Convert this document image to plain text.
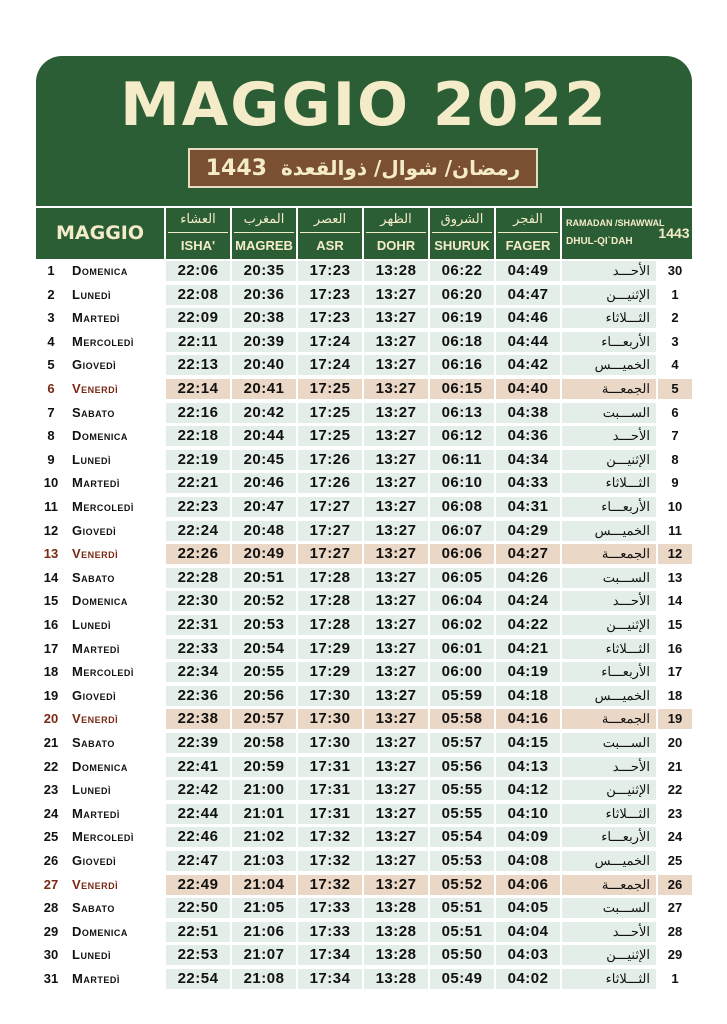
MAGGIO 2022
1443 رمضان/ شوال/ ذوالقعدة
MAGGIO
العشاء
ISHA'
المغرب
MAGREB
العصر
ASR
الظهر
DOHR
الشروق
SHURUK
الفجر
FAGER
RAMADAN /SHAWWAL
DHUL-QI`DAH
1443
1	Domenica	22:06	20:35	17:23	13:28	06:22	04:49	الأحـــد	30
2	Lunedì	22:08	20:36	17:23	13:27	06:20	04:47	الإثنيـــن	1
3	Martedì	22:09	20:38	17:23	13:27	06:19	04:46	الثـــلاثاء	2
4	Mercoledì	22:11	20:39	17:24	13:27	06:18	04:44	الأربعـــاء	3
5	Giovedì	22:13	20:40	17:24	13:27	06:16	04:42	الخميـــس	4
6	Venerdì	22:14	20:41	17:25	13:27	06:15	04:40	الجمعـــة	5
7	Sabato	22:16	20:42	17:25	13:27	06:13	04:38	الســـبت	6
8	Domenica	22:18	20:44	17:25	13:27	06:12	04:36	الأحـــد	7
9	Lunedì	22:19	20:45	17:26	13:27	06:11	04:34	الإثنيـــن	8
10	Martedì	22:21	20:46	17:26	13:27	06:10	04:33	الثـــلاثاء	9
11	Mercoledì	22:23	20:47	17:27	13:27	06:08	04:31	الأربعـــاء	10
12	Giovedì	22:24	20:48	17:27	13:27	06:07	04:29	الخميـــس	11
13	Venerdì	22:26	20:49	17:27	13:27	06:06	04:27	الجمعـــة	12
14	Sabato	22:28	20:51	17:28	13:27	06:05	04:26	الســـبت	13
15	Domenica	22:30	20:52	17:28	13:27	06:04	04:24	الأحـــد	14
16	Lunedì	22:31	20:53	17:28	13:27	06:02	04:22	الإثنيـــن	15
17	Martedì	22:33	20:54	17:29	13:27	06:01	04:21	الثـــلاثاء	16
18	Mercoledì	22:34	20:55	17:29	13:27	06:00	04:19	الأربعـــاء	17
19	Giovedì	22:36	20:56	17:30	13:27	05:59	04:18	الخميـــس	18
20	Venerdì	22:38	20:57	17:30	13:27	05:58	04:16	الجمعـــة	19
21	Sabato	22:39	20:58	17:30	13:27	05:57	04:15	الســـبت	20
22	Domenica	22:41	20:59	17:31	13:27	05:56	04:13	الأحـــد	21
23	Lunedì	22:42	21:00	17:31	13:27	05:55	04:12	الإثنيـــن	22
24	Martedì	22:44	21:01	17:31	13:27	05:55	04:10	الثـــلاثاء	23
25	Mercoledì	22:46	21:02	17:32	13:27	05:54	04:09	الأربعـــاء	24
26	Giovedì	22:47	21:03	17:32	13:27	05:53	04:08	الخميـــس	25
27	Venerdì	22:49	21:04	17:32	13:27	05:52	04:06	الجمعـــة	26
28	Sabato	22:50	21:05	17:33	13:28	05:51	04:05	الســـبت	27
29	Domenica	22:51	21:06	17:33	13:28	05:51	04:04	الأحـــد	28
30	Lunedì	22:53	21:07	17:34	13:28	05:50	04:03	الإثنيـــن	29
31	Martedì	22:54	21:08	17:34	13:28	05:49	04:02	الثـــلاثاء	1
